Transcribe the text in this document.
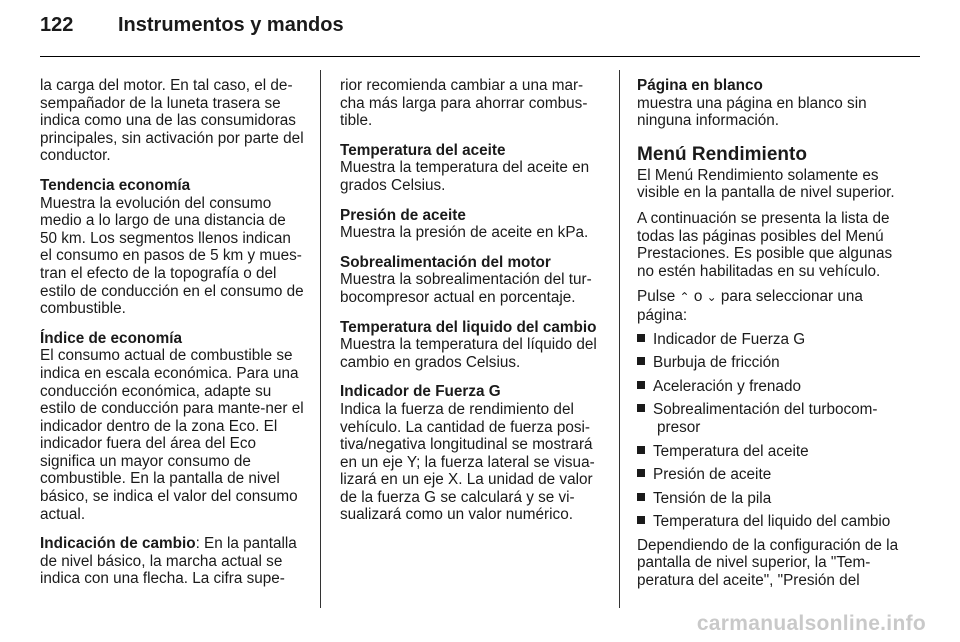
122	Instrumentos y mandos

la carga del motor. En tal caso, el de-sempañador de la luneta trasera se indica como una de las consumidoras principales, sin activación por parte del conductor.

Tendencia economía
Muestra la evolución del consumo medio a lo largo de una distancia de 50 km. Los segmentos llenos indican el consumo en pasos de 5 km y mues-tran el efecto de la topografía o del estilo de conducción en el consumo de combustible.

Índice de economía
El consumo actual de combustible se indica en escala económica. Para una conducción económica, adapte su estilo de conducción para mante-ner el indicador dentro de la zona Eco. El indicador fuera del área del Eco significa un mayor consumo de combustible. En la pantalla de nivel básico, se indica el valor del consumo actual.

Indicación de cambio: En la pantalla de nivel básico, la marcha actual se indica con una flecha. La cifra supe-

rior recomienda cambiar a una mar-cha más larga para ahorrar combus-tible.

Temperatura del aceite
Muestra la temperatura del aceite en grados Celsius.

Presión de aceite
Muestra la presión de aceite en kPa.

Sobrealimentación del motor
Muestra la sobrealimentación del tur-bocompresor actual en porcentaje.

Temperatura del liquido del cambio
Muestra la temperatura del líquido del cambio en grados Celsius.

Indicador de Fuerza G
Indica la fuerza de rendimiento del vehículo. La cantidad de fuerza posi-tiva/negativa longitudinal se mostrará en un eje Y; la fuerza lateral se visua-lizará en un eje X. La unidad de valor de la fuerza G se calculará y se vi-sualizará como un valor numérico.

Página en blanco
muestra una página en blanco sin ninguna información.

Menú Rendimiento

El Menú Rendimiento solamente es visible en la pantalla de nivel superior.

A continuación se presenta la lista de todas las páginas posibles del Menú Prestaciones. Es posible que algunas no estén habilitadas en su vehículo.

Pulse ⌃ o ⌄ para seleccionar una página:

Indicador de Fuerza G
Burbuja de fricción
Aceleración y frenado
Sobrealimentación del turbocom-presor
Temperatura del aceite
Presión de aceite
Tensión de la pila
Temperatura del liquido del cambio

Dependiendo de la configuración de la pantalla de nivel superior, la "Tem-peratura del aceite", "Presión del

carmanualsonline.info
